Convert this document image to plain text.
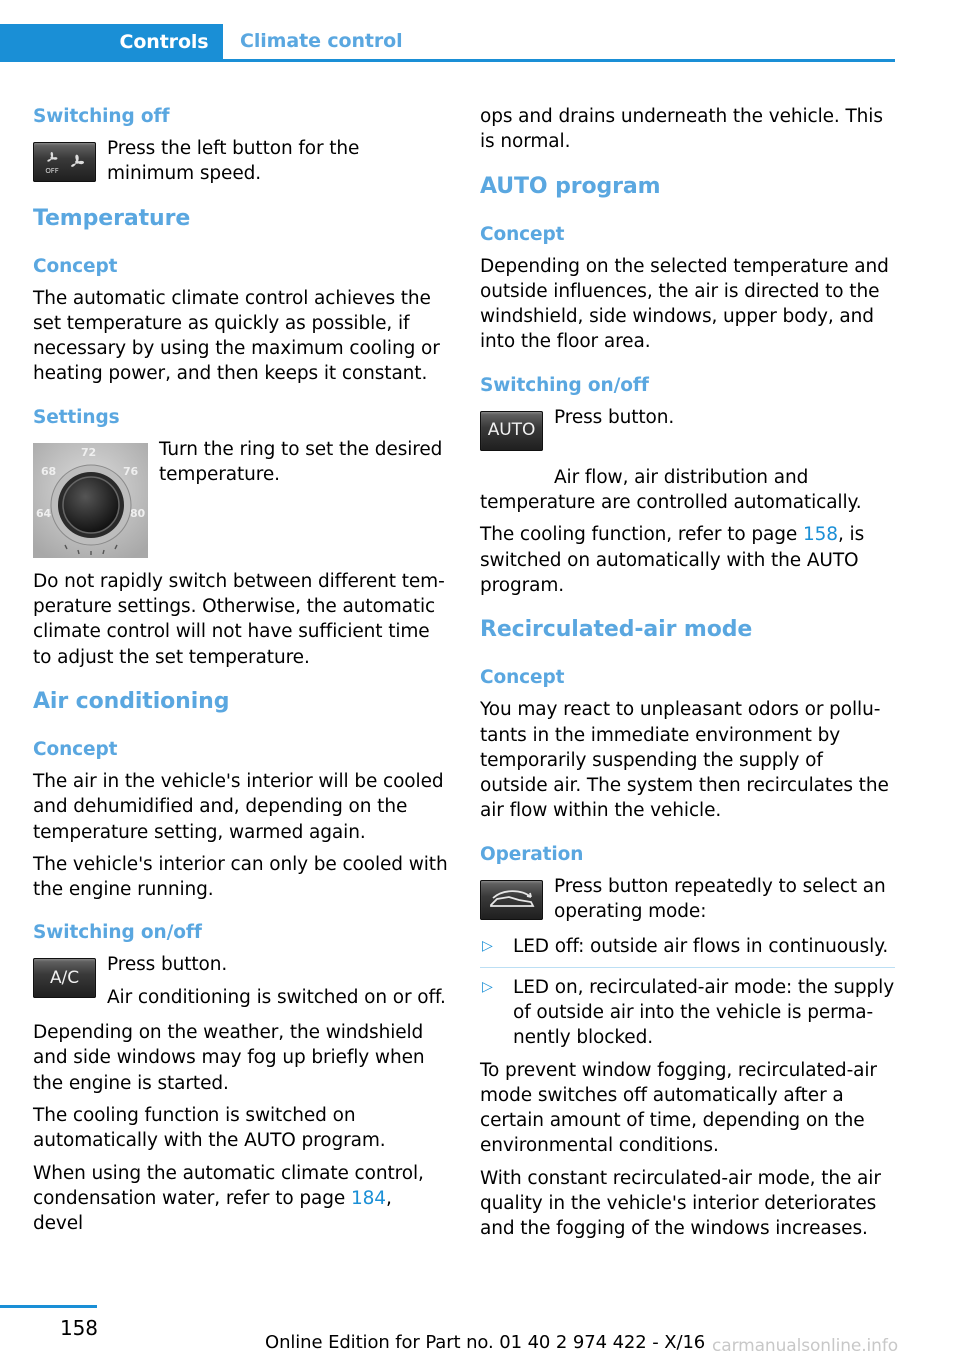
Controls	Climate control
Switching off
OFF

Press the left button for the minimum speed.

Temperature
Concept

The automatic climate control achieves the set temperature as quickly as possible, if necessary by using the maximum cooling or heating power, and then keeps it constant.

Settings
64
68
72
76
80

Turn the ring to set the desired temperature.

Do not rapidly switch between different temperature settings. Otherwise, the automatic climate control will not have sufficient time to adjust the set temperature.

Air conditioning
Concept

The air in the vehicle's interior will be cooled and dehumidified and, depending on the temperature setting, warmed again.

The vehicle's interior can only be cooled with the engine running.

Switching on/off
A/C

Press button.

Air conditioning is switched on or off.

Depending on the weather, the windshield and side windows may fog up briefly when the engine is started.

The cooling function is switched on automatically with the AUTO program.

When using the automatic climate control, condensation water, refer to page 184, devel

ops and drains underneath the vehicle. This is normal.

AUTO program
Concept

Depending on the selected temperature and outside influences, the air is directed to the windshield, side windows, upper body, and into the floor area.

Switching on/off
AUTO

Press button.

Air flow, air distribution and temperature are controlled automatically.

The cooling function, refer to page 158, is switched on automatically with the AUTO program.

Recirculated-air mode
Concept

You may react to unpleasant odors or pollutants in the immediate environment by temporarily suspending the supply of outside air. The system then recirculates the air flow within the vehicle.

Operation

Press button repeatedly to select an operating mode:

▷ LED off: outside air flows in continuously.
▷ LED on, recirculated-air mode: the supply of outside air into the vehicle is permanently blocked.

To prevent window fogging, recirculated-air mode switches off automatically after a certain amount of time, depending on the environmental conditions.

With constant recirculated-air mode, the air quality in the vehicle's interior deteriorates and the fogging of the windows increases.

158
Online Edition for Part no. 01 40 2 974 422 - X/16 carmanualsonline.info
